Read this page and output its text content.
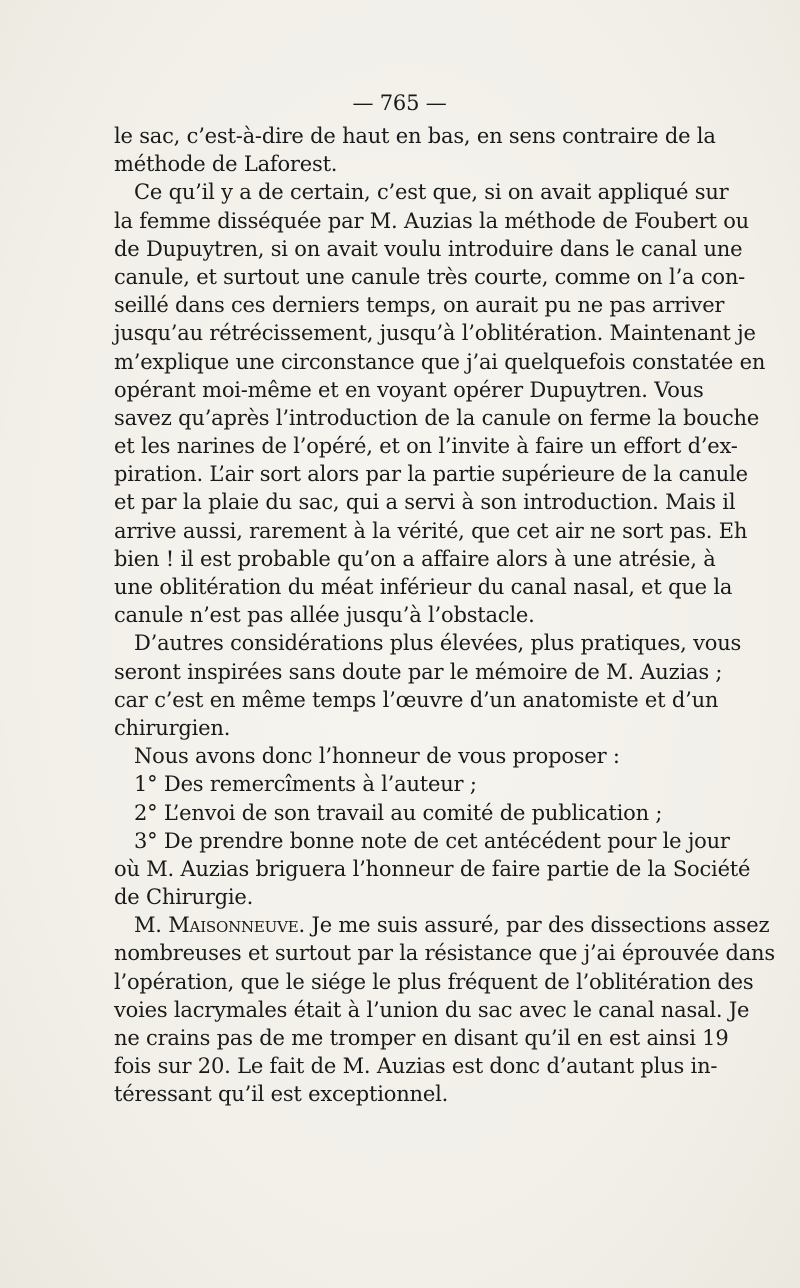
— 765 —
le sac, c’est-à-dire de haut en bas, en sens contraire de la
méthode de Laforest.
Ce qu’il y a de certain, c’est que, si on avait appliqué sur
la femme disséquée par M. Auzias la méthode de Foubert ou
de Dupuytren, si on avait voulu introduire dans le canal une
canule, et surtout une canule très courte, comme on l’a con-
seillé dans ces derniers temps, on aurait pu ne pas arriver
jusqu’au rétrécissement, jusqu’à l’oblitération. Maintenant je
m’explique une circonstance que j’ai quelquefois constatée en
opérant moi-même et en voyant opérer Dupuytren. Vous
savez qu’après l’introduction de la canule on ferme la bouche
et les narines de l’opéré, et on l’invite à faire un effort d’ex-
piration. L’air sort alors par la partie supérieure de la canule
et par la plaie du sac, qui a servi à son introduction. Mais il
arrive aussi, rarement à la vérité, que cet air ne sort pas. Eh
bien ! il est probable qu’on a affaire alors à une atrésie, à
une oblitération du méat inférieur du canal nasal, et que la
canule n’est pas allée jusqu’à l’obstacle.
D’autres considérations plus élevées, plus pratiques, vous
seront inspirées sans doute par le mémoire de M. Auzias ;
car c’est en même temps l’œuvre d’un anatomiste et d’un
chirurgien.
Nous avons donc l’honneur de vous proposer :
1° Des remercîments à l’auteur ;
2° L’envoi de son travail au comité de publication ;
3° De prendre bonne note de cet antécédent pour le jour
où M. Auzias briguera l’honneur de faire partie de la Société
de Chirurgie.
M. Maisonneuve. Je me suis assuré, par des dissections assez
nombreuses et surtout par la résistance que j’ai éprouvée dans
l’opération, que le siége le plus fréquent de l’oblitération des
voies lacrymales était à l’union du sac avec le canal nasal. Je
ne crains pas de me tromper en disant qu’il en est ainsi 19
fois sur 20. Le fait de M. Auzias est donc d’autant plus in-
téressant qu’il est exceptionnel.
